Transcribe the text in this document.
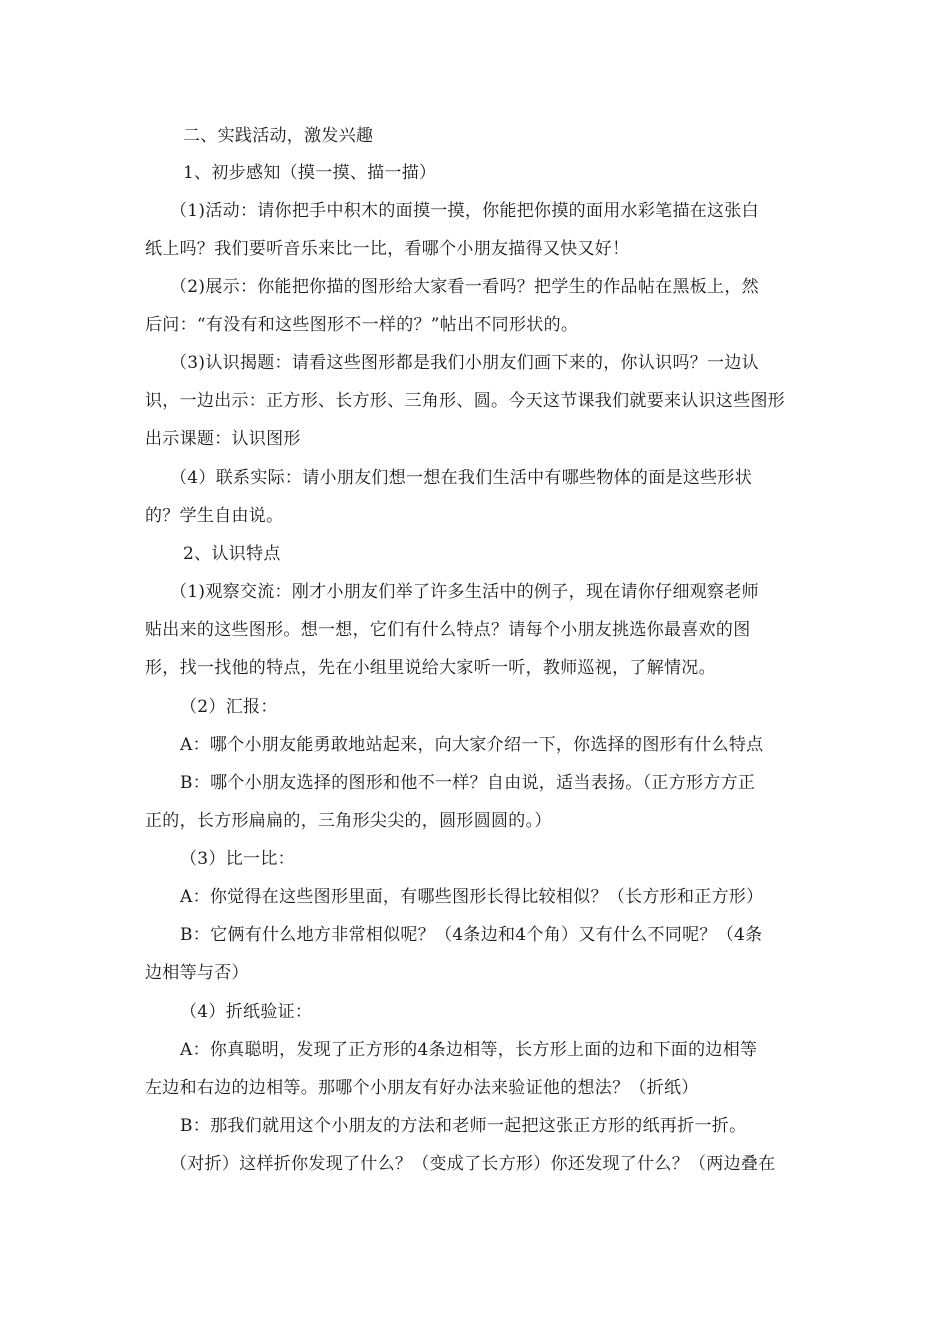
二、实践活动，激发兴趣

1、初步感知（摸一摸、描一描）

（1)活动：请你把手中积木的面摸一摸，你能把你摸的面用水彩笔描在这张白

纸上吗？我们要听音乐来比一比，看哪个小朋友描得又快又好！

（2)展示：你能把你描的图形给大家看一看吗？把学生的作品帖在黑板上，然

后问：“有没有和这些图形不一样的？”帖出不同形状的。

（3)认识揭题：请看这些图形都是我们小朋友们画下来的，你认识吗？一边认

识，一边出示：正方形、长方形、三角形、圆。今天这节课我们就要来认识这些图形

出示课题：认识图形

（4）联系实际：请小朋友们想一想在我们生活中有哪些物体的面是这些形状

的？学生自由说。

2、认识特点

（1)观察交流：刚才小朋友们举了许多生活中的例子，现在请你仔细观察老师

贴出来的这些图形。想一想，它们有什么特点？请每个小朋友挑选你最喜欢的图

形，找一找他的特点，先在小组里说给大家听一听，教师巡视，了解情况。

（2）汇报：

A：哪个小朋友能勇敢地站起来，向大家介绍一下，你选择的图形有什么特点

B：哪个小朋友选择的图形和他不一样？自由说，适当表扬。（正方形方方正

正的，长方形扁扁的，三角形尖尖的，圆形圆圆的。）

（3）比一比：

A：你觉得在这些图形里面，有哪些图形长得比较相似？（长方形和正方形）

B：它俩有什么地方非常相似呢？（4条边和4个角）又有什么不同呢？（4条

边相等与否）

（4）折纸验证：

A：你真聪明，发现了正方形的4条边相等，长方形上面的边和下面的边相等

左边和右边的边相等。那哪个小朋友有好办法来验证他的想法？（折纸）

B：那我们就用这个小朋友的方法和老师一起把这张正方形的纸再折一折。

（对折）这样折你发现了什么？（变成了长方形）你还发现了什么？（两边叠在
